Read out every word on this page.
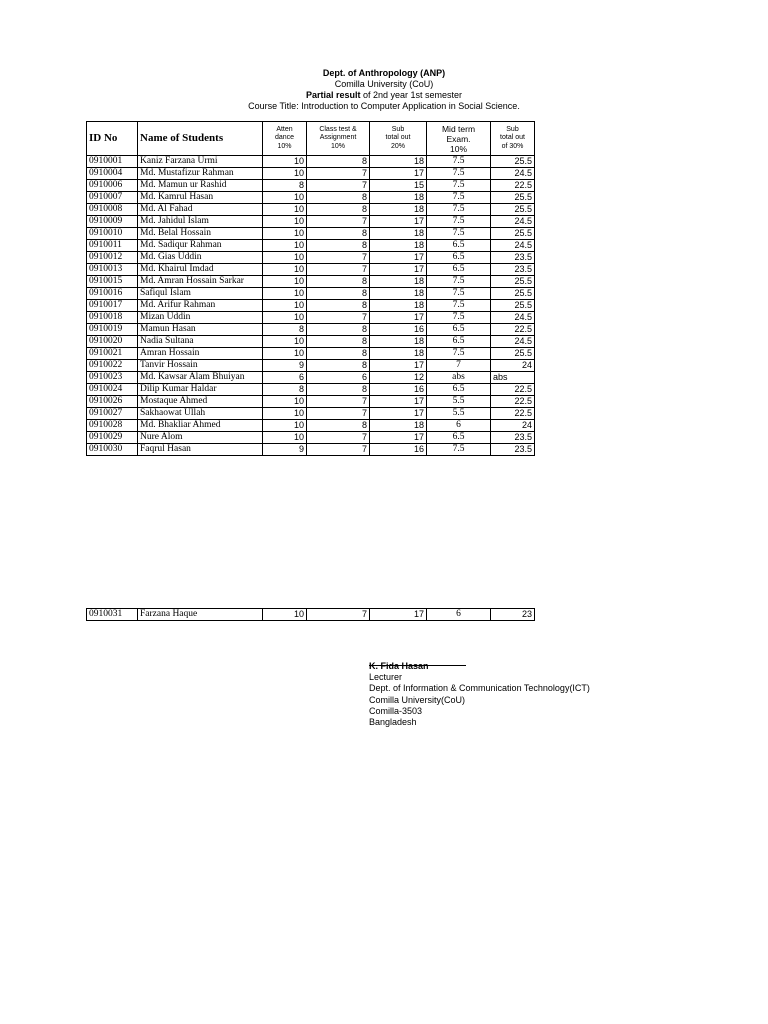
Dept. of Anthropology (ANP)
Comilla University (CoU)
Partial result of 2nd year 1st semester
Course Title: Introduction to Computer Application in Social Science.
ID No	Name of Students	Atten
dance
10%	Class test &
Assignment
10%	Sub
total out
20%	Mid term
Exam.
10%	Sub
total out
of 30%

0910001	Kaniz Farzana Urmi	10	8	18	7.5	25.5
0910004	Md. Mustafizur Rahman	10	7	17	7.5	24.5
0910006	Md. Mamun ur Rashid	8	7	15	7.5	22.5
0910007	Md. Kamrul Hasan	10	8	18	7.5	25.5
0910008	Md. Al Fahad	10	8	18	7.5	25.5
0910009	Md. Jahidul Islam	10	7	17	7.5	24.5
0910010	Md. Belal Hossain	10	8	18	7.5	25.5
0910011	Md. Sadiqur Rahman	10	8	18	6.5	24.5
0910012	Md. Gias Uddin	10	7	17	6.5	23.5
0910013	Md. Khairul Imdad	10	7	17	6.5	23.5
0910015	Md. Amran Hossain Sarkar	10	8	18	7.5	25.5
0910016	Safiqul Islam	10	8	18	7.5	25.5
0910017	Md. Arifur Rahman	10	8	18	7.5	25.5
0910018	Mizan Uddin	10	7	17	7.5	24.5
0910019	Mamun Hasan	8	8	16	6.5	22.5
0910020	Nadia Sultana	10	8	18	6.5	24.5
0910021	Amran Hossain	10	8	18	7.5	25.5
0910022	Tanvir Hossain	9	8	17	7	24
0910023	Md. Kawsar Alam Bhuiyan	6	6	12	abs	abs
0910024	Dilip Kumar Haldar	8	8	16	6.5	22.5
0910026	Mostaque Ahmed	10	7	17	5.5	22.5
0910027	Sakhaowat Ullah	10	7	17	5.5	22.5
0910028	Md. Bhakliar Ahmed	10	8	18	6	24
0910029	Nure Alom	10	7	17	6.5	23.5
0910030	Faqrul Hasan	9	7	16	7.5	23.5
0910031	Farzana Haque	10	7	17	6	23
K. Fida Hasan
Lecturer
Dept. of Information & Communication Technology(ICT)
Comilla University(CoU)
Comilla-3503
Bangladesh
